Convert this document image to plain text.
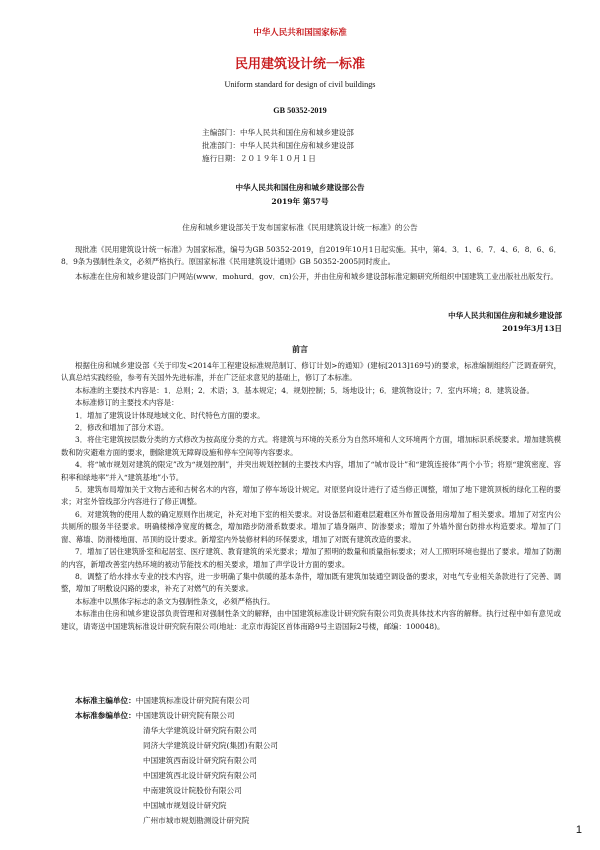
中华人民共和国国家标准
民用建筑设计统一标准
Uniform standard for design of civil buildings
GB 50352-2019
主编部门：中华人民共和国住房和城乡建设部
批准部门：中华人民共和国住房和城乡建设部
施行日期：２０１９年１０月１日
中华人民共和国住房和城乡建设部公告
2019年 第57号
住房和城乡建设部关于发布国家标准《民用建筑设计统一标准》的公告
现批准《民用建筑设计统一标准》为国家标准，编号为GB 50352-2019，自2019年10月1日起实施。其中，第4．3．1、6．7．4、6．8．6、6．8．9条为强制性条文，必须严格执行。原国家标准《民用建筑设计通则》GB 50352-2005同时废止。
本标准在住房和城乡建设部门户网站(www．mohurd．gov．cn)公开，并由住房和城乡建设部标准定额研究所组织中国建筑工业出版社出版发行。
中华人民共和国住房和城乡建设部
2019年3月13日
前言

根据住房和城乡建设部《关于印发<2014年工程建设标准规范制订、修订计划>的通知》(建标[2013]169号)的要求，标准编制组经广泛调查研究，认真总结实践经验，参考有关国外先进标准，并在广泛征求意见的基础上，修订了本标准。

本标准的主要技术内容是：1．总则；2．术语；3．基本规定；4．规划控制；5．场地设计；6．建筑物设计；7．室内环境；8．建筑设备。

本标准修订的主要技术内容是：

1．增加了建筑设计体现地域文化、时代特色方面的要求。

2．修改和增加了部分术语。

3．将住宅建筑按层数分类的方式修改为按高度分类的方式。将建筑与环境的关系分为自然环境和人文环境两个方面，增加标识系统要求。增加建筑模数和防灾避难方面的要求，删除建筑无障碍设施和停车空间等内容要求。

4．将“城市规划对建筑的限定”改为“规划控制”，并突出规划控制的主要技术内容，增加了“城市设计”和“建筑连接体”两个小节；将原“建筑密度、容积率和绿地率”并入“建筑基地”小节。

5．建筑布局增加关于文物古迹和古树名木的内容，增加了停车场设计规定。对原竖向设计进行了适当修正调整，增加了地下建筑顶板的绿化工程的要求；对室外管线部分内容进行了修正调整。

6．对建筑物的使用人数的确定原则作出规定，补充对地下室的相关要求。对设备层和避难层避难区外布置设备用房增加了相关要求。增加了对室内公共厕所的服务半径要求。明确楼梯净宽度的概念，增加踏步防滑系数要求。增加了墙身隔声、防渗要求；增加了外墙外窗台防排水构造要求。增加了门窗、幕墙、防滑楼地面、吊顶的设计要求。新增室内外装修材料的环保要求，增加了对既有建筑改造的要求。

7．增加了居住建筑卧室和起居室、医疗建筑、教育建筑的采光要求；增加了照明的数量和质量指标要求；对人工照明环境也提出了要求。增加了防潮的内容，新增改善室内热环境的被动节能技术的相关要求，增加了声学设计方面的要求。

8．调整了给水排水专业的技术内容，进一步明确了集中供暖的基本条件，增加既有建筑加装通空调设备的要求，对电气专业相关条款进行了完善、调整，增加了明敷设闪路的要求，补充了对燃气的有关要求。

本标准中以黑体字标志的条文为强制性条文，必须严格执行。

本标准由住房和城乡建设部负责管理和对强制性条文的解释，由中国建筑标准设计研究院有限公司负责具体技术内容的解释。执行过程中如有意见或建议，请寄送中国建筑标准设计研究院有限公司(地址：北京市海淀区首体南路9号主语国际2号楼，邮编：100048)。

本标准主编单位：中国建筑标准设计研究院有限公司
本标准参编单位：中国建筑设计研究院有限公司
清华大学建筑设计研究院有限公司
同济大学建筑设计研究院(集团)有限公司
中国建筑西南设计研究院有限公司
中国建筑西北设计研究院有限公司
中南建筑设计院股份有限公司
中国城市规划设计研究院
广州市城市规划勘测设计研究院
1
